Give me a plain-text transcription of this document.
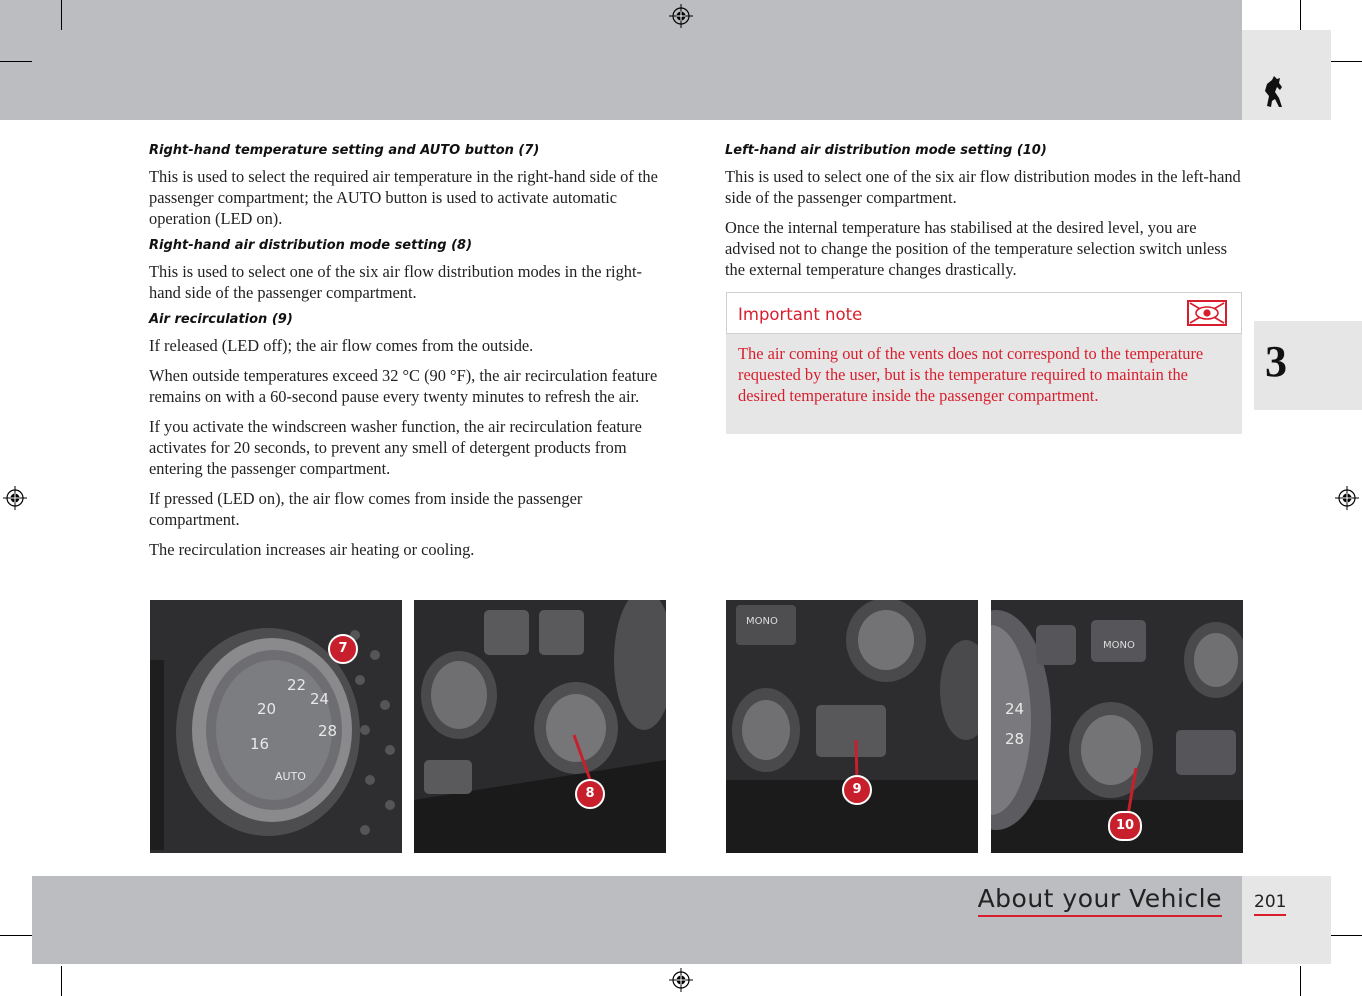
3
Right-hand temperature setting and AUTO button (7)

This is used to select the required air temperature in the right-hand side of the passenger compartment; the AUTO button is used to activate automatic operation (LED on).

Right-hand air distribution mode setting (8)

This is used to select one of the six air flow distribution modes in the right-hand side of the passenger compartment.

Air recirculation (9)

If released (LED off); the air flow comes from the outside.

When outside temperatures exceed 32 °C (90 °F), the air recirculation feature remains on with a 60-second pause every twenty minutes to refresh the air.

If you activate the windscreen washer function, the air recirculation feature activates for 20 seconds, to prevent any smell of detergent products from entering the passenger compartment.

If pressed (LED on), the air flow comes from inside the passenger compartment.

The recirculation increases air heating or cooling.

Left-hand air distribution mode setting (10)

This is used to select one of the six air flow distribution modes in the left-hand side of the passenger compartment.

Once the internal temperature has stabilised at the desired level, you are advised not to change the position of the temperature selection switch unless the external temperature changes drastically.

Important note
The air coming out of the vents does not correspond to the temperature requested by the user, but is the temperature required to maintain the desired temperature inside the passenger compartment.
22
20
24
16
28
AUTO
7
8
MONO
9
MONO
24
28
10
About your Vehicle 201
